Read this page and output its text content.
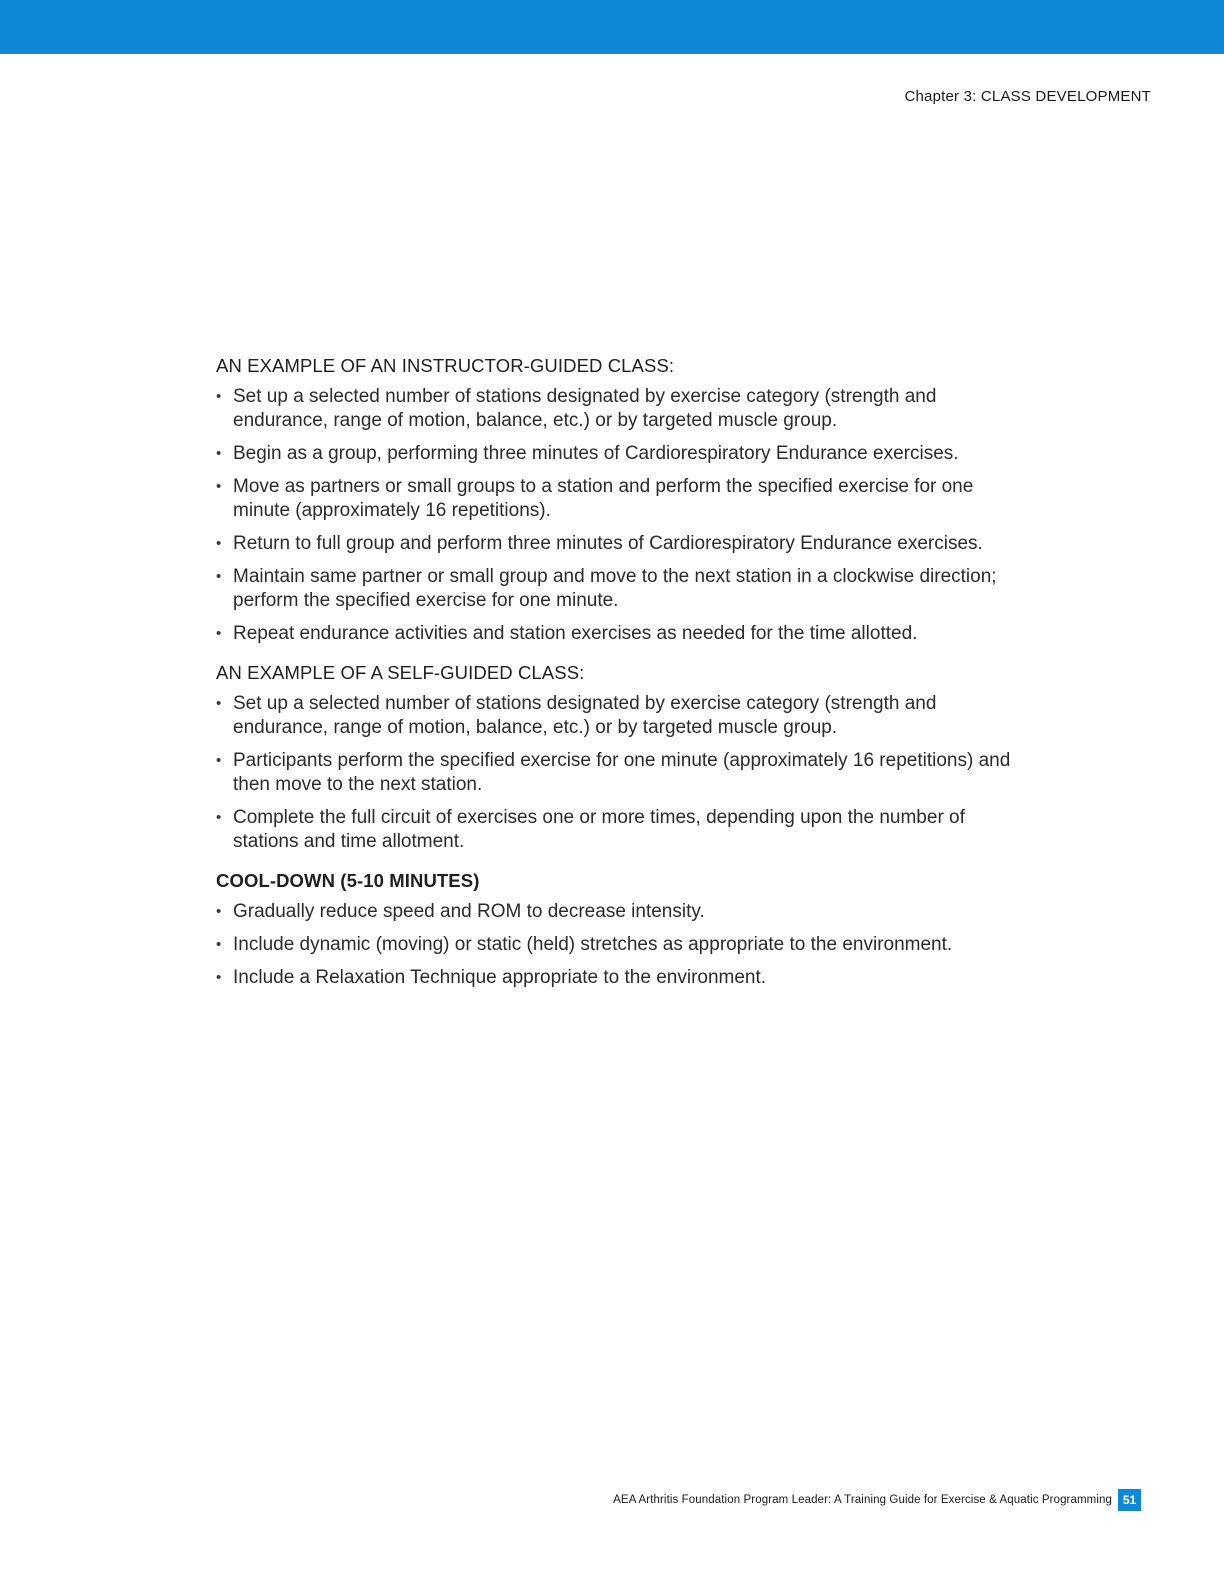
Chapter 3: CLASS DEVELOPMENT
AN EXAMPLE OF AN INSTRUCTOR-GUIDED CLASS:
• Set up a selected number of stations designated by exercise category (strength and endurance, range of motion, balance, etc.) or by targeted muscle group.
• Begin as a group, performing three minutes of Cardiorespiratory Endurance exercises.
• Move as partners or small groups to a station and perform the specified exercise for one minute (approximately 16 repetitions).
• Return to full group and perform three minutes of Cardiorespiratory Endurance exercises.
• Maintain same partner or small group and move to the next station in a clockwise direction; perform the specified exercise for one minute.
• Repeat endurance activities and station exercises as needed for the time allotted.
AN EXAMPLE OF A SELF-GUIDED CLASS:
• Set up a selected number of stations designated by exercise category (strength and endurance, range of motion, balance, etc.) or by targeted muscle group.
• Participants perform the specified exercise for one minute (approximately 16 repetitions) and then move to the next station.
• Complete the full circuit of exercises one or more times, depending upon the number of stations and time allotment.
COOL-DOWN (5-10 MINUTES)
• Gradually reduce speed and ROM to decrease intensity.
• Include dynamic (moving) or static (held) stretches as appropriate to the environment.
• Include a Relaxation Technique appropriate to the environment.
AEA Arthritis Foundation Program Leader: A Training Guide for Exercise & Aquatic Programming 51
